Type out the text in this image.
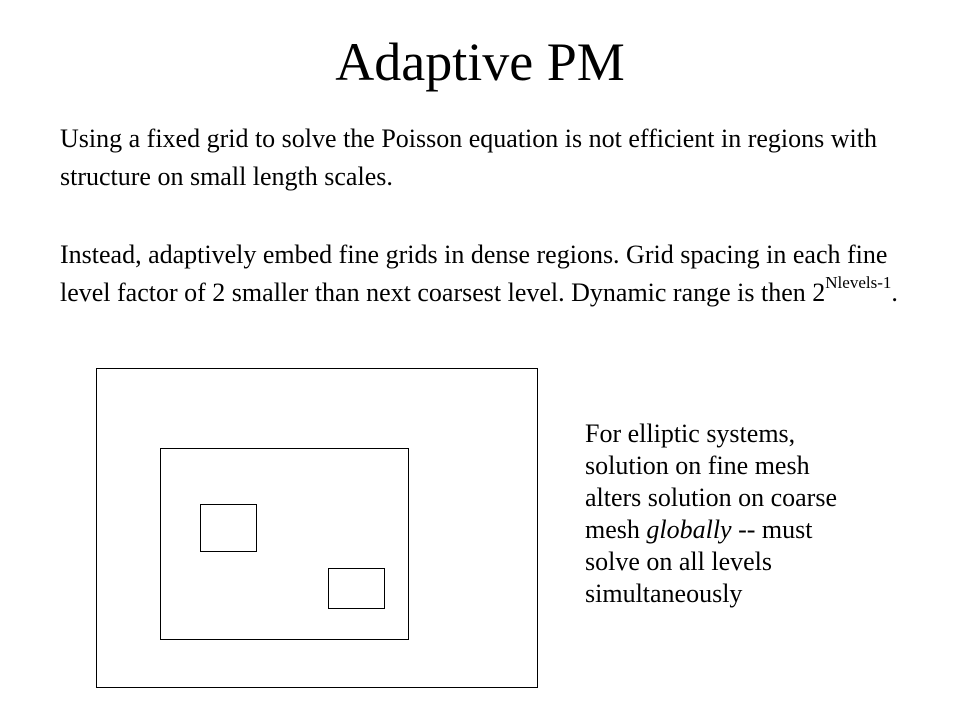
Adaptive PM

Using a fixed grid to solve the Poisson equation is not efficient in regions with structure on small length scales.

Instead, adaptively embed fine grids in dense regions. Grid spacing in each fine level factor of 2 smaller than next coarsest level. Dynamic range is then $2^{Nlevels-1}$.

For elliptic systems,
solution on fine mesh
alters solution on coarse
mesh globally -- must
solve on all levels
simultaneously
